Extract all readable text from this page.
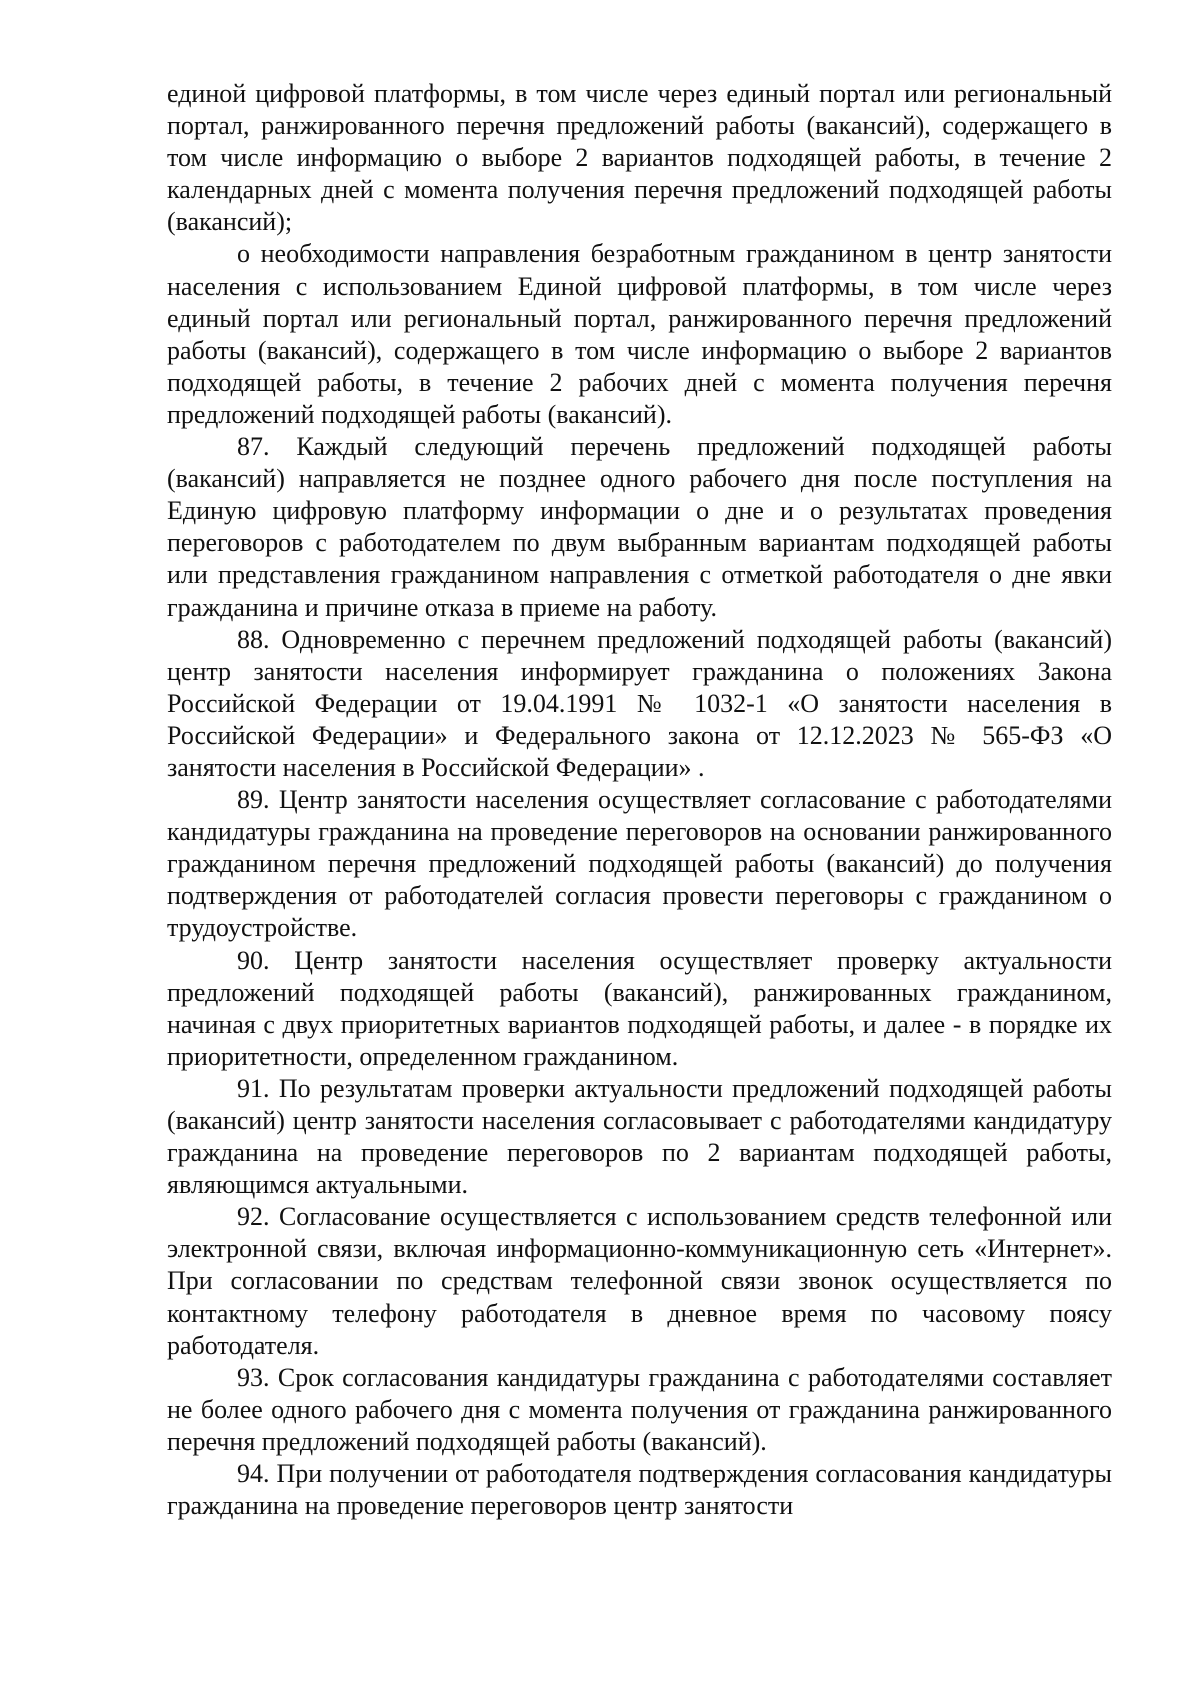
единой цифровой платформы, в том числе через единый портал или региональный портал, ранжированного перечня предложений работы (вакансий), содержащего в том числе информацию о выборе 2 вариантов подходящей работы, в течение 2 календарных дней с момента получения перечня предложений подходящей работы (вакансий);

о необходимости направления безработным гражданином в центр занятости населения с использованием Единой цифровой платформы, в том числе через единый портал или региональный портал, ранжированного перечня предложений работы (вакансий), содержащего в том числе информацию о выборе 2 вариантов подходящей работы, в течение 2 рабочих дней с момента получения перечня предложений подходящей работы (вакансий).

87. Каждый следующий перечень предложений подходящей работы (вакансий) направляется не позднее одного рабочего дня после поступления на Единую цифровую платформу информации о дне и о результатах проведения переговоров с работодателем по двум выбранным вариантам подходящей работы или представления гражданином направления с отметкой работодателя о дне явки гражданина и причине отказа в приеме на работу.

88. Одновременно с перечнем предложений подходящей работы (вакансий) центр занятости населения информирует гражданина о положениях Закона Российской Федерации от 19.04.1991 № 1032-1 «О занятости населения в Российской Федерации» и Федерального закона от 12.12.2023 № 565-ФЗ «О занятости населения в Российской Федерации» .

89. Центр занятости населения осуществляет согласование с работодателями кандидатуры гражданина на проведение переговоров на основании ранжированного гражданином перечня предложений подходящей работы (вакансий) до получения подтверждения от работодателей согласия провести переговоры с гражданином о трудоустройстве.

90. Центр занятости населения осуществляет проверку актуальности предложений подходящей работы (вакансий), ранжированных гражданином, начиная с двух приоритетных вариантов подходящей работы, и далее - в порядке их приоритетности, определенном гражданином.

91. По результатам проверки актуальности предложений подходящей работы (вакансий) центр занятости населения согласовывает с работодателями кандидатуру гражданина на проведение переговоров по 2 вариантам подходящей работы, являющимся актуальными.

92. Согласование осуществляется с использованием средств телефонной или электронной связи, включая информационно-коммуникационную сеть «Интернет». При согласовании по средствам телефонной связи звонок осуществляется по контактному телефону работодателя в дневное время по часовому поясу работодателя.

93. Срок согласования кандидатуры гражданина с работодателями составляет не более одного рабочего дня с момента получения от гражданина ранжированного перечня предложений подходящей работы (вакансий).

94. При получении от работодателя подтверждения согласования кандидатуры гражданина на проведение переговоров центр занятости
